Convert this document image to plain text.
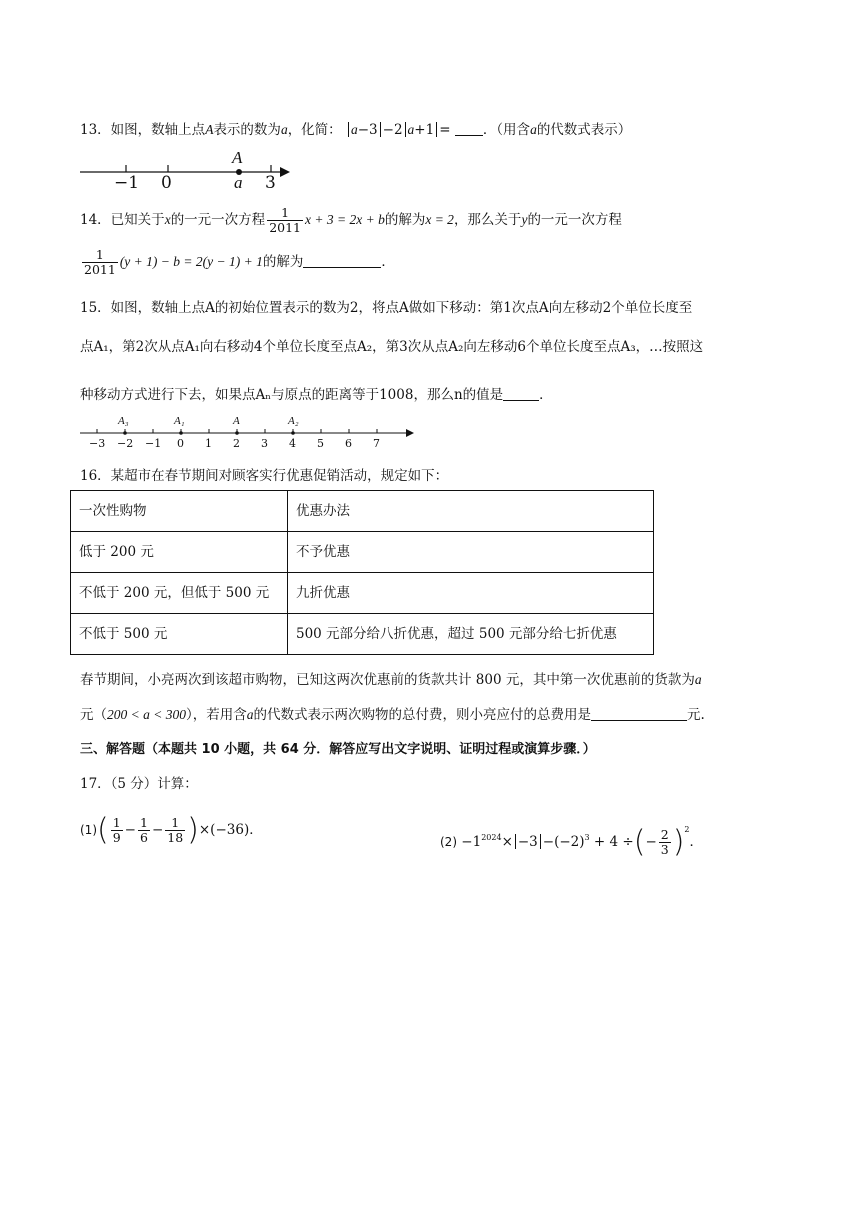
13．如图，数轴上点A表示的数为a，化简： a−3 −2 a+1 = ．（用含a的代数式表示）
A
−1 0	a 3
14．已知关于x的一元一次方程 $\frac{1}{2011}$ x + 3 = 2x + b的解为x = 2，那么关于y的一元一次方程
$\frac{1}{2011} (y + 1) - b = 2(y - 1) + 1$的解为	．
15．如图，数轴上点A的初始位置表示的数为2，将点A做如下移动：第1次点A向左移动2个单位长度至
点A₁，第2次从点A₁向右移动4个单位长度至点A₂，第3次从点A₂向左移动6个单位长度至点A₃，…按照这
种移动方式进行下去，如果点Aₙ与原点的距离等于1008，那么n的值是	．
A₃	A₁	A	A₂
−3 −2 −1 0 1 2 3 4 5 6 7
16．某超市在春节期间对顾客实行优惠促销活动，规定如下：
一次性购物	优惠办法
低于 200 元	不予优惠
不低于 200 元，但低于 500 元	九折优惠
不低于 500 元	500 元部分给八折优惠，超过 500 元部分给七折优惠
春节期间，小亮两次到该超市购物，已知这两次优惠前的货款共计 800 元，其中第一次优惠前的货款为a
元（200 < a < 300），若用含a的代数式表示两次购物的总付费，则小亮应付的总费用是	元.
三、解答题（本题共 10 小题，共 64 分．解答应写出文字说明、证明过程或演算步骤．）
17．（5 分）计算：
$(1)( \frac{1}{9} - \frac{1}{6} - \frac{1}{18} )\times(-36)$．
$(2) -1^{2024}\times -3 -(-2)^3 + 4$ ÷(− $\frac{2}{3} )^2$．
